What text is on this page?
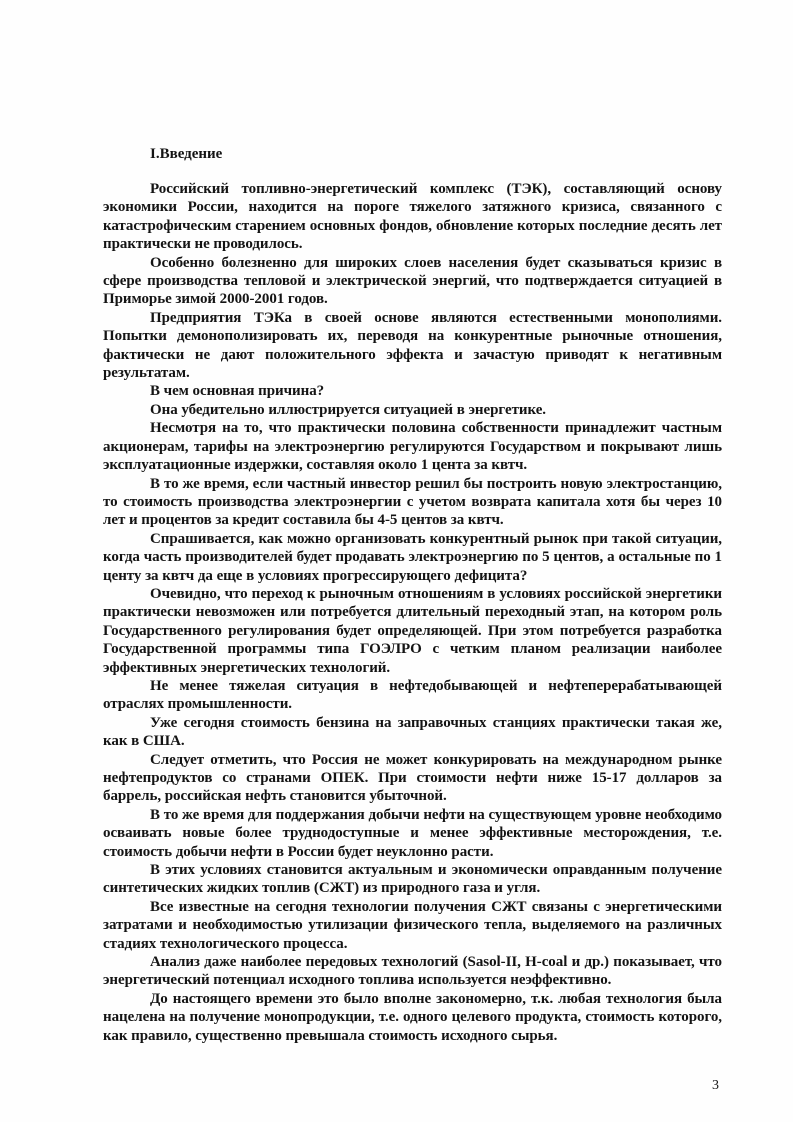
I.Введение

Российский топливно-энергетический комплекс (ТЭК), составляющий основу экономики России, находится на пороге тяжелого затяжного кризиса, связанного с катастрофическим старением основных фондов, обновление которых последние десять лет практически не проводилось.

Особенно болезненно для широких слоев населения будет сказываться кризис в сфере производства тепловой и электрической энергий, что подтверждается ситуацией в Приморье зимой 2000-2001 годов.

Предприятия ТЭКа в своей основе являются естественными монополиями. Попытки демонополизировать их, переводя на конкурентные рыночные отношения, фактически не дают положительного эффекта и зачастую приводят к негативным результатам.

В чем основная причина?

Она убедительно иллюстрируется ситуацией в энергетике.

Несмотря на то, что практически половина собственности принадлежит частным акционерам, тарифы на электроэнергию регулируются Государством и покрывают лишь эксплуатационные издержки, составляя около 1 цента за квтч.

В то же время, если частный инвестор решил бы построить новую электростанцию, то стоимость производства электроэнергии с учетом возврата капитала хотя бы через 10 лет и процентов за кредит составила бы 4-5 центов за квтч.

Спрашивается, как можно организовать конкурентный рынок при такой ситуации, когда часть производителей будет продавать электроэнергию по 5 центов, а остальные по 1 центу за квтч да еще в условиях прогрессирующего дефицита?

Очевидно, что переход к рыночным отношениям в условиях российской энергетики практически невозможен или потребуется длительный переходный этап, на котором роль Государственного регулирования будет определяющей. При этом потребуется разработка Государственной программы типа ГОЭЛРО с четким планом реализации наиболее эффективных энергетических технологий.

Не менее тяжелая ситуация в нефтедобывающей и нефтеперерабатывающей отраслях промышленности.

Уже сегодня стоимость бензина на заправочных станциях практически такая же, как в США.

Следует отметить, что Россия не может конкурировать на международном рынке нефтепродуктов со странами ОПЕК. При стоимости нефти ниже 15-17 долларов за баррель, российская нефть становится убыточной.

В то же время для поддержания добычи нефти на существующем уровне необходимо осваивать новые более труднодоступные и менее эффективные месторождения, т.е. стоимость добычи нефти в России будет неуклонно расти.

В этих условиях становится актуальным и экономически оправданным получение синтетических жидких топлив (СЖТ) из природного газа и угля.

Все известные на сегодня технологии получения СЖТ связаны с энергетическими затратами и необходимостью утилизации физического тепла, выделяемого на различных стадиях технологического процесса.

Анализ даже наиболее передовых технологий (Sasol-II, H-coal и др.) показывает, что энергетический потенциал исходного топлива используется неэффективно.

До настоящего времени это было вполне закономерно, т.к. любая технология была нацелена на получение монопродукции, т.е. одного целевого продукта, стоимость которого, как правило, существенно превышала стоимость исходного сырья.

3
